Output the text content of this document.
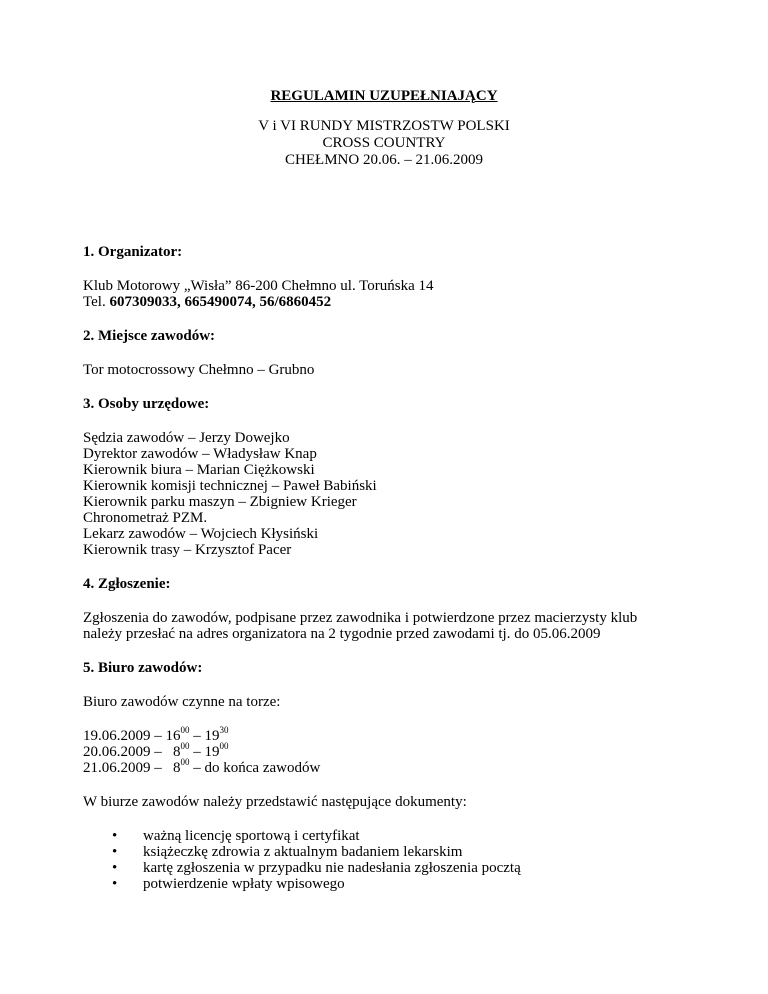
REGULAMIN UZUPEŁNIAJĄCY
V i VI RUNDY MISTRZOSTW POLSKI
CROSS COUNTRY
CHEŁMNO 20.06. – 21.06.2009
1. Organizator:
Klub Motorowy „Wisła” 86-200 Chełmno ul. Toruńska 14
Tel. 607309033, 665490074, 56/6860452
2. Miejsce zawodów:
Tor motocrossowy Chełmno – Grubno
3. Osoby urzędowe:
Sędzia zawodów – Jerzy Dowejko
Dyrektor zawodów – Władysław Knap
Kierownik biura – Marian Ciężkowski
Kierownik komisji technicznej – Paweł Babiński
Kierownik parku maszyn – Zbigniew Krieger
Chronometraż PZM.
Lekarz zawodów – Wojciech Kłysiński
Kierownik trasy – Krzysztof Pacer
4. Zgłoszenie:
Zgłoszenia do zawodów, podpisane przez zawodnika i potwierdzone przez macierzysty klub
należy przesłać na adres organizatora na 2 tygodnie przed zawodami tj. do 05.06.2009
5. Biuro zawodów:
Biuro zawodów czynne na torze:
$19.06.2009 - 16^{00} - 19^{30}$
$20.06.2009 - 8^{00} - 19^{00}$
$21.06.2009 - 8^{00}$ – do końca zawodów
W biurze zawodów należy przedstawić następujące dokumenty:
• ważną licencję sportową i certyfikat
• książeczkę zdrowia z aktualnym badaniem lekarskim
• kartę zgłoszenia w przypadku nie nadesłania zgłoszenia pocztą
• potwierdzenie wpłaty wpisowego
